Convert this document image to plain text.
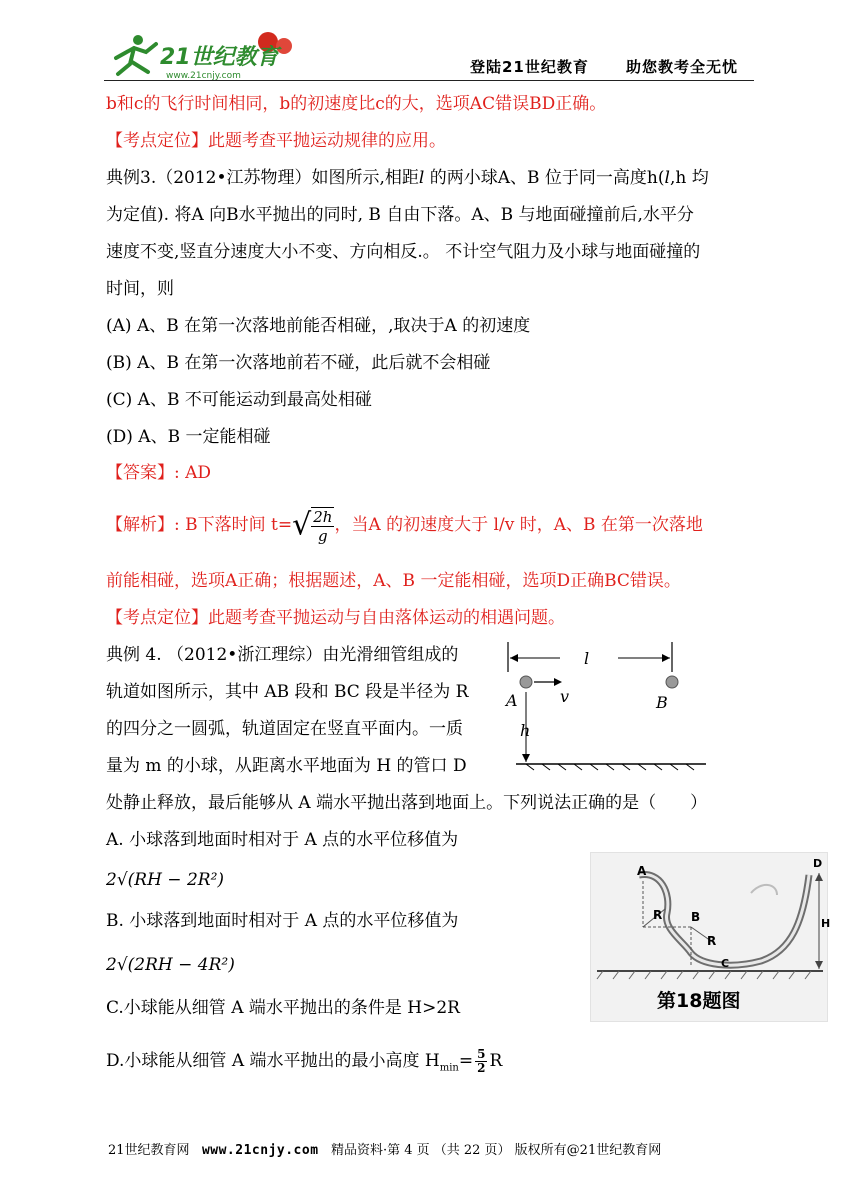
21世纪教育
www.21cnjy.com	登陆21世纪教育 助您教考全无忧
b和c的飞行时间相同，b的初速度比c的大，选项AC错误BD正确。
【考点定位】此题考查平抛运动规律的应用。
典例3.（2012•江苏物理）如图所示,相距l 的两小球A、B 位于同一高度h(l,h 均
为定值). 将A 向B水平抛出的同时, B 自由下落。A、B 与地面碰撞前后,水平分
速度不变,竖直分速度大小不变、方向相反.。 不计空气阻力及小球与地面碰撞的
时间，则
(A) A、B 在第一次落地前能否相碰，,取决于A 的初速度
(B) A、B 在第一次落地前若不碰，此后就不会相碰
(C) A、B 不可能运动到最高处相碰
(D) A、B 一定能相碰
【答案】: AD
【解析】: B下落时间 $t=√ \frac{2h}{g}$ ，当A 的初速度大于 l/v 时，A、B 在第一次落地
前能相碰，选项A正确；根据题述，A、B 一定能相碰，选项D正确BC错误。
【考点定位】此题考查平抛运动与自由落体运动的相遇问题。
典例 4. （2012•浙江理综）由光滑细管组成的
轨道如图所示，其中 AB 段和 BC 段是半径为 R
的四分之一圆弧，轨道固定在竖直平面内。一质
量为 m 的小球，从距离水平地面为 H 的管口 D
处静止释放，最后能够从 A 端水平抛出落到地面上。下列说法正确的是（　　）
A. 小球落到地面时相对于 A 点的水平位移值为
2√(RH − 2R²)
B. 小球落到地面时相对于 A 点的水平位移值为
2√(2RH − 4R²)
C.小球能从细管 A 端水平抛出的条件是 H>2R
D.小球能从细管 A 端水平抛出的最小高度 $H_{min}= \frac{5}{2}$ R
l
A	v	B
h
A
R B
R
C
D
H
第18题图
21世纪教育网 www.21cnjy.com 精品资料·第 4 页 （共 22 页） 版权所有@21世纪教育网
